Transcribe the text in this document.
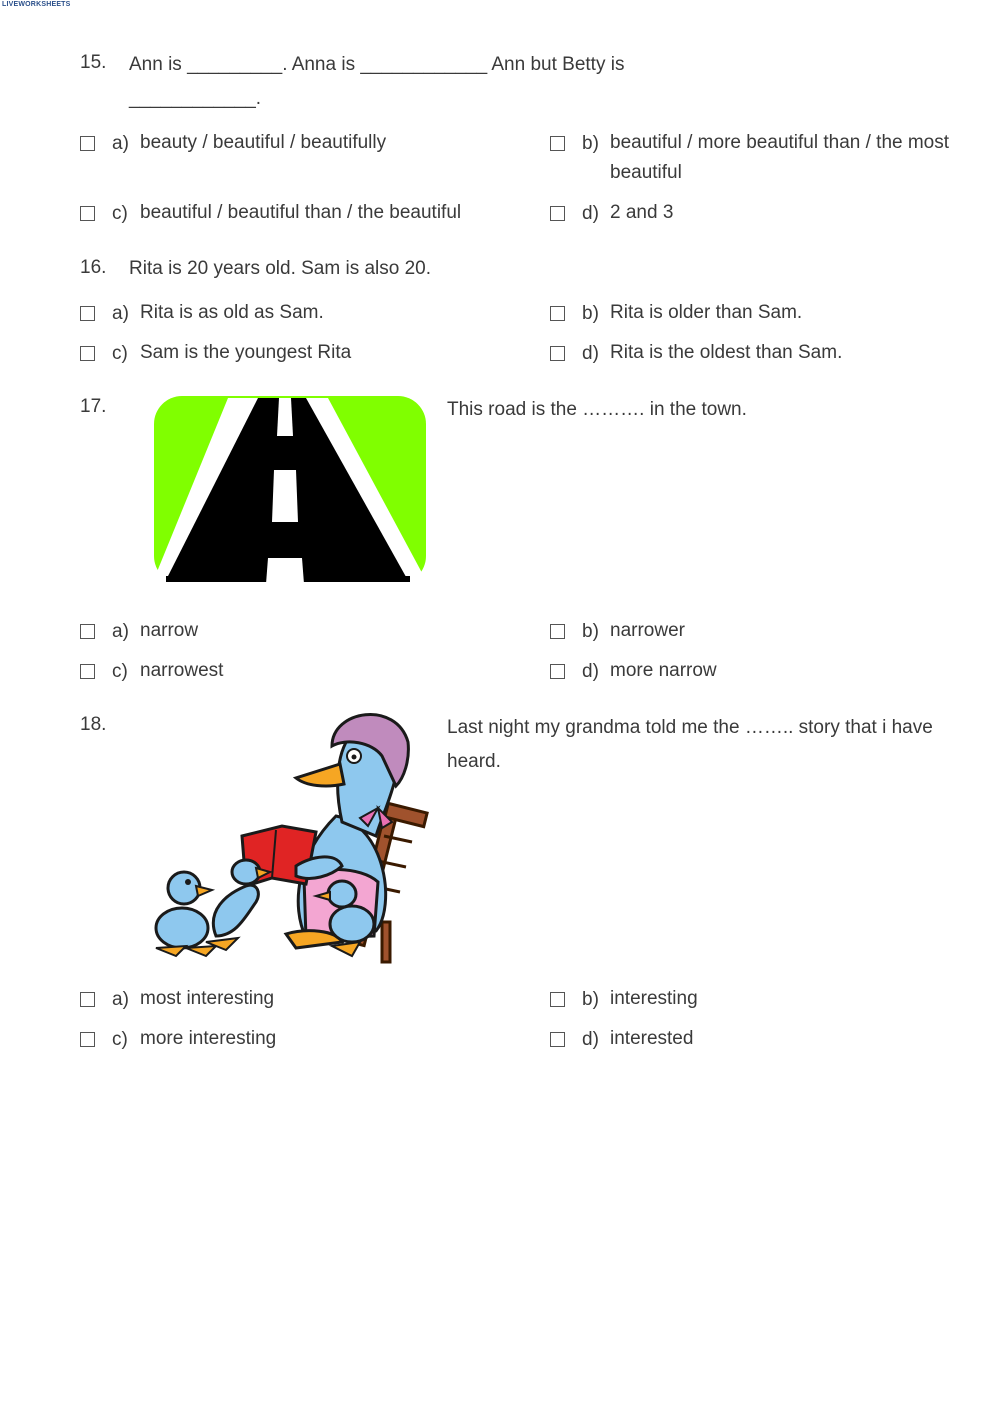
LIVEWORKSHEETS
15. Ann is _________. Anna is ____________ Ann but Betty is
____________.
a) beauty / beautiful / beautifully	b) beautiful / more beautiful than / the most
beautiful
c) beautiful / beautiful than / the beautiful	d) 2 and 3
16. Rita is 20 years old. Sam is also 20.
a) Rita is as old as Sam.	b) Rita is older than Sam.
c) Sam is the youngest Rita	d) Rita is the oldest than Sam.
17.	This road is the ………. in the town.
a) narrow	b) narrower
c) narrowest	d) more narrow
18.	Last night my grandma told me the …….. story that i have
heard.
a) most interesting	b) interesting
c) more interesting	d) interested
